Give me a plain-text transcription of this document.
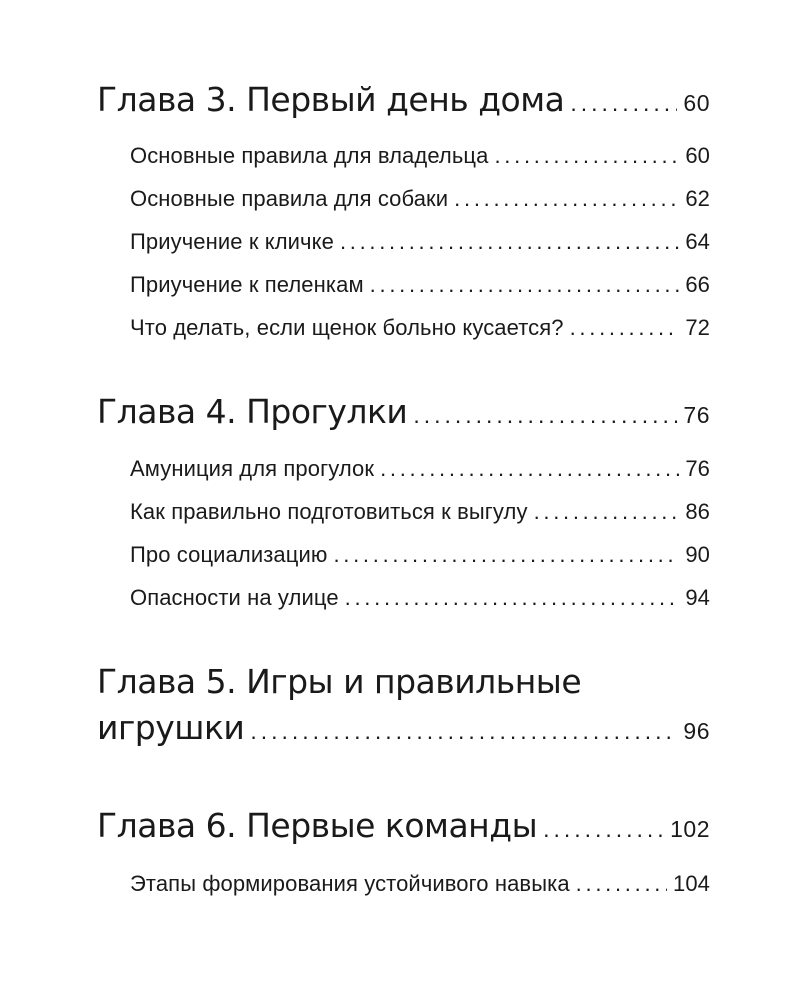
Глава 3. Первый день дома . . .	60
Основные правила для владельца . . .	60
Основные правила для собаки . . .	62
Приучение к кличке . . .	64
Приучение к пеленкам . . .	66
Что делать, если щенок больно кусается? . . .	72
Глава 4. Прогулки . . .	76
Амуниция для прогулок . . .	76
Как правильно подготовиться к выгулу . . .	86
Про социализацию . . .	90
Опасности на улице . . .	94
Глава 5. Игры и правильные
игрушки . . .	96
Глава 6. Первые команды . . .	102
Этапы формирования устойчивого навыка . . .	104
